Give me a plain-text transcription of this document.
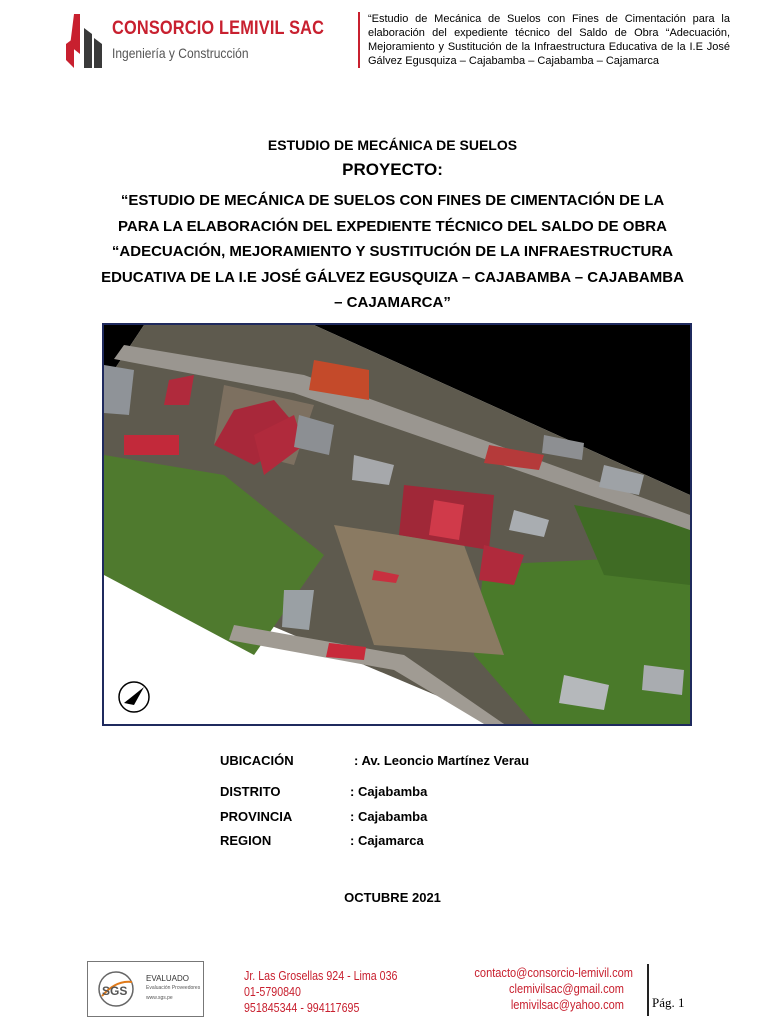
CONSORCIO LEMIVIL SAC
Ingeniería y Construcción
“Estudio de Mecánica de Suelos con Fines de Cimentación para la elaboración del expediente técnico del Saldo de Obra “Adecuación, Mejoramiento y Sustitución de la Infraestructura Educativa de la I.E José Gálvez Egusquiza – Cajabamba – Cajabamba – Cajamarca
ESTUDIO DE MECÁNICA DE SUELOS
PROYECTO:
“ESTUDIO DE MECÁNICA DE SUELOS CON FINES DE CIMENTACIÓN DE LA PARA LA ELABORACIÓN DEL EXPEDIENTE TÉCNICO DEL SALDO DE OBRA “ADECUACIÓN, MEJORAMIENTO Y SUSTITUCIÓN DE LA INFRAESTRUCTURA EDUCATIVA DE LA I.E JOSÉ GÁLVEZ EGUSQUIZA – CAJABAMBA – CAJABAMBA – CAJAMARCA”
UBICACIÓN	: Av. Leoncio Martínez Verau
DISTRITO	: Cajabamba
PROVINCIA	: Cajabamba
REGION	: Cajamarca
OCTUBRE 2021
SGS
EVALUADO
Evaluación Proveedores
www.sgs.pe
Jr. Las Grosellas 924 - Lima 036
01-5790840
951845344 - 994117695
contacto@consorcio-lemivil.com
clemivilsac@gmail.com
lemivilsac@yahoo.com Pág. 1
